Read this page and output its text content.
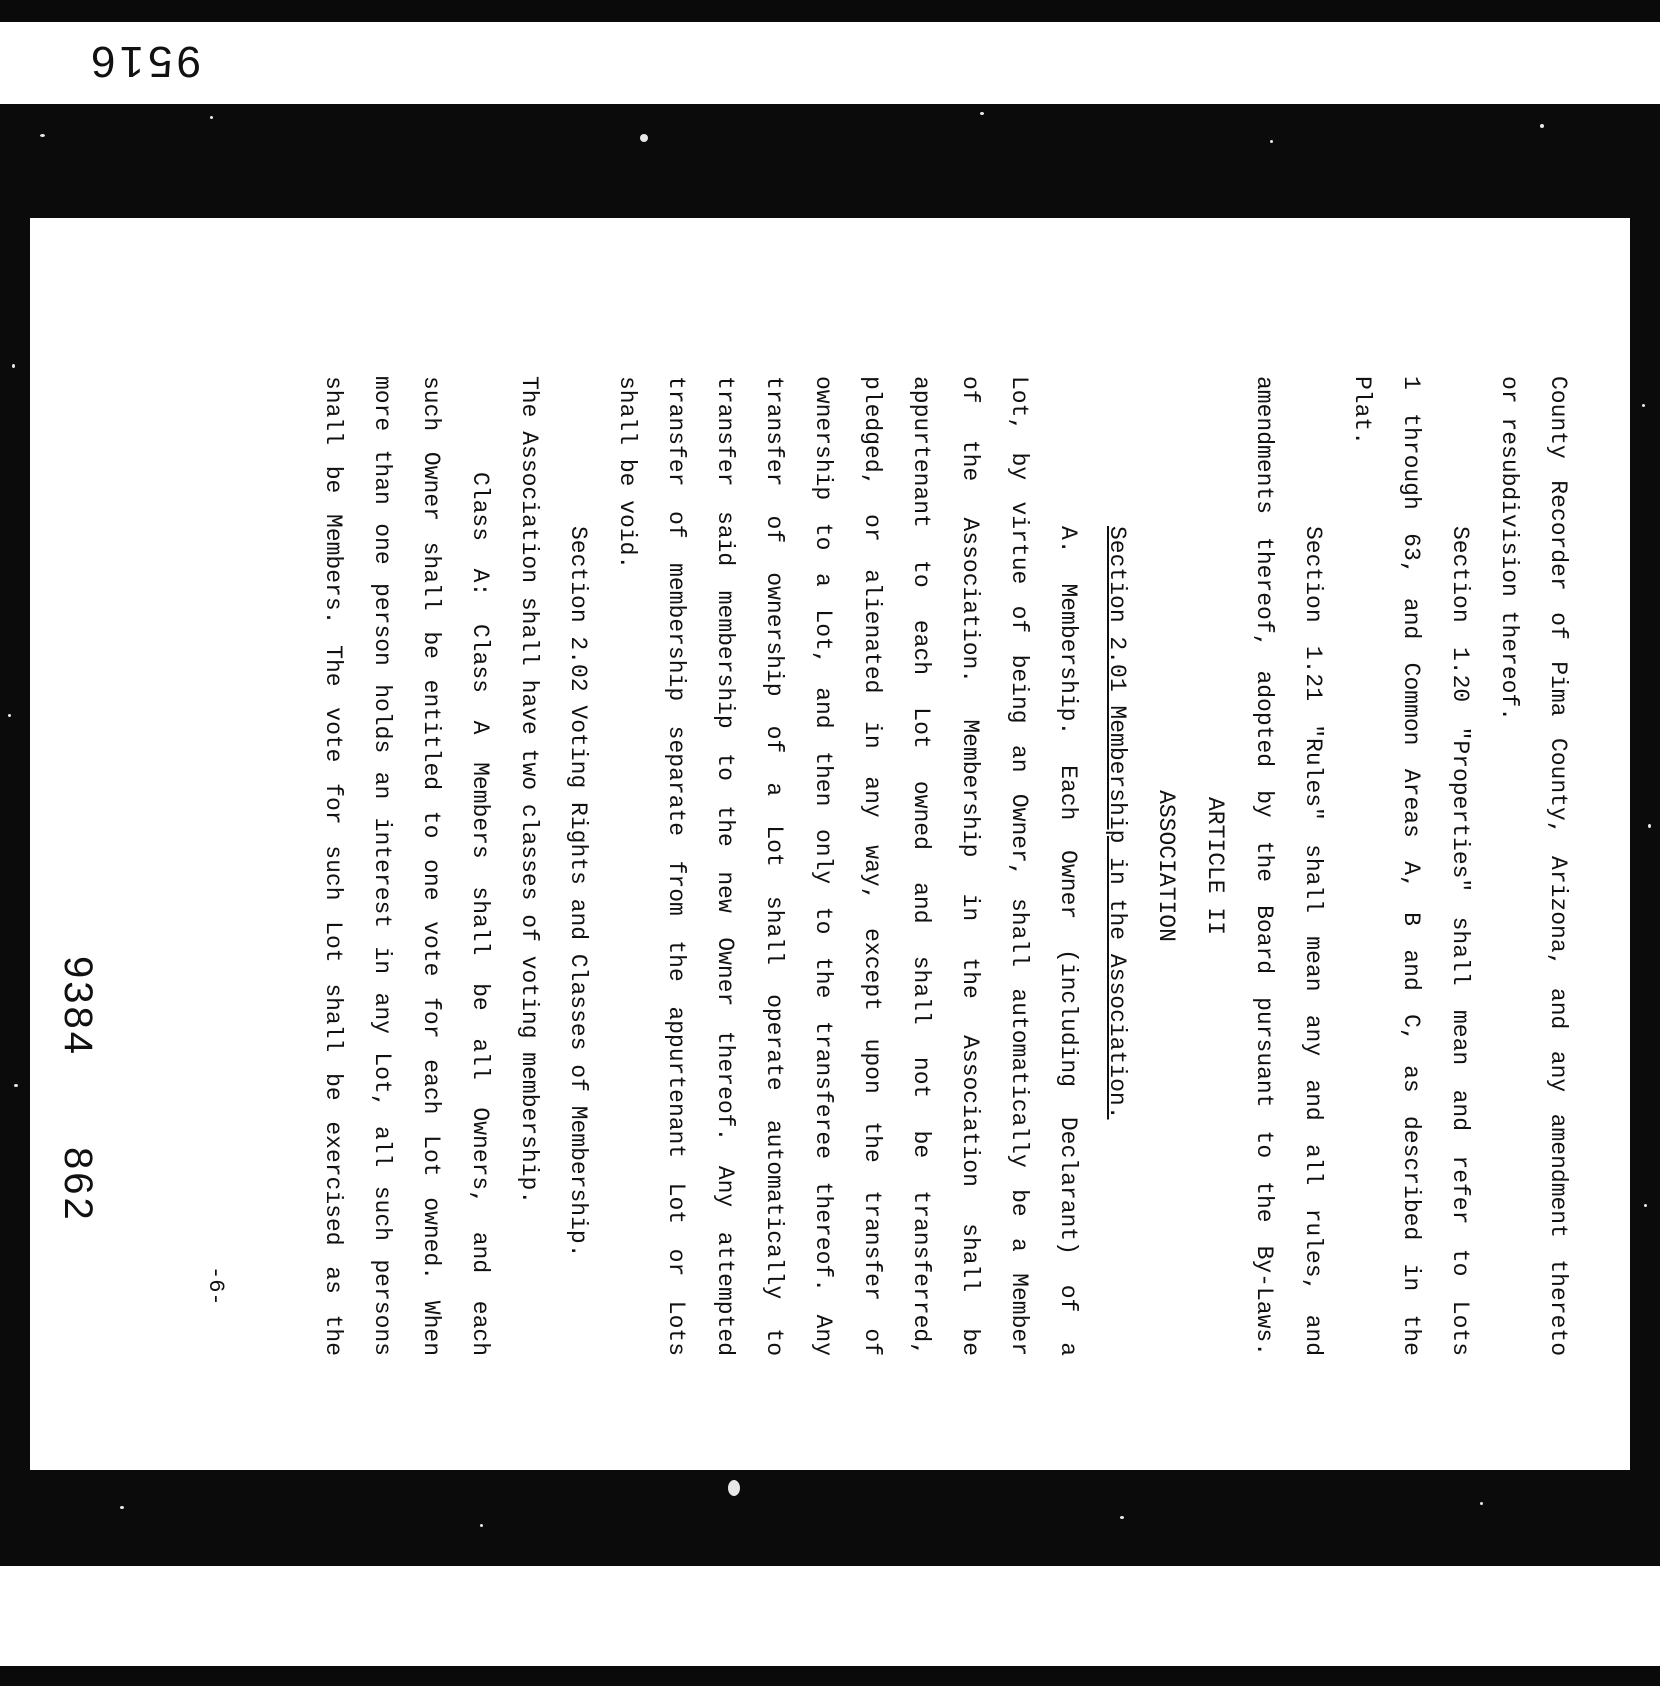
9516
County Recorder of Pima County, Arizona, and any amendment thereto
or resubdivision thereof.
Section 1.20 "Properties" shall mean and refer to Lots
1 through 63, and Common Areas A, B and C, as described in the
Plat.
Section 1.21 "Rules" shall mean any and all rules, and
amendments thereof, adopted by the Board pursuant to the By-Laws.
ARTICLE II
ASSOCIATION
Section 2.01 Membership in the Association.
A. Membership. Each Owner (including Declarant) of a
Lot, by virtue of being an Owner, shall automatically be a Member
of the Association. Membership in the Association shall be
appurtenant to each Lot owned and shall not be transferred,
pledged, or alienated in any way, except upon the transfer of
ownership to a Lot, and then only to the transferee thereof. Any
transfer of ownership of a Lot shall operate automatically to
transfer said membership to the new Owner thereof. Any attempted
transfer of membership separate from the appurtenant Lot or Lots
shall be void.
Section 2.02 Voting Rights and Classes of Membership.
The Association shall have two classes of voting membership.
Class A: Class A Members shall be all Owners, and each
such Owner shall be entitled to one vote for each Lot owned. When
more than one person holds an interest in any Lot, all such persons
shall be Members. The vote for such Lot shall be exercised as the
-6-
9384862
